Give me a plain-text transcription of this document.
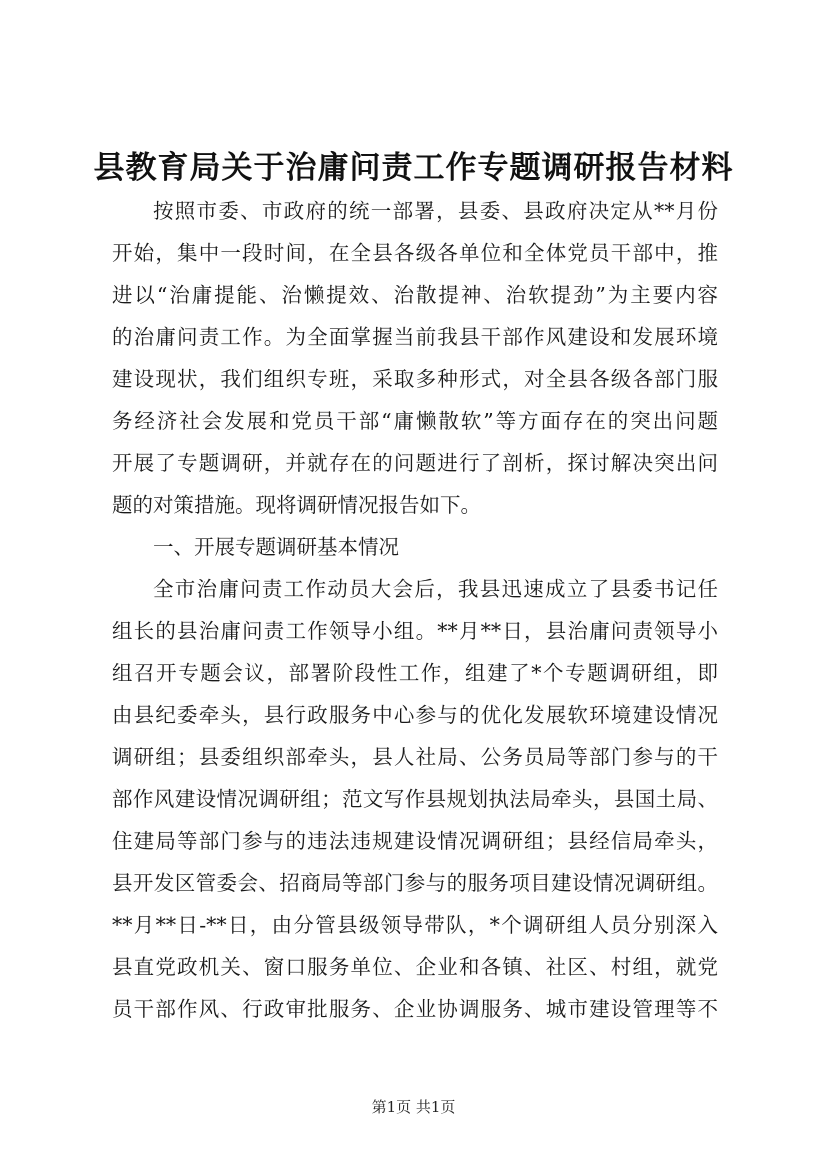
县教育局关于治庸问责工作专题调研报告材料
按照市委、市政府的统一部署，县委、县政府决定从**月份
开始，集中一段时间，在全县各级各单位和全体党员干部中，推
进以“治庸提能、治懒提效、治散提神、治软提劲”为主要内容
的治庸问责工作。为全面掌握当前我县干部作风建设和发展环境
建设现状，我们组织专班，采取多种形式，对全县各级各部门服
务经济社会发展和党员干部“庸懒散软”等方面存在的突出问题
开展了专题调研，并就存在的问题进行了剖析，探讨解决突出问
题的对策措施。现将调研情况报告如下。
一、开展专题调研基本情况
全市治庸问责工作动员大会后，我县迅速成立了县委书记任
组长的县治庸问责工作领导小组。**月**日，县治庸问责领导小
组召开专题会议，部署阶段性工作，组建了*个专题调研组，即
由县纪委牵头，县行政服务中心参与的优化发展软环境建设情况
调研组；县委组织部牵头，县人社局、公务员局等部门参与的干
部作风建设情况调研组；范文写作县规划执法局牵头，县国土局、
住建局等部门参与的违法违规建设情况调研组；县经信局牵头，
县开发区管委会、招商局等部门参与的服务项目建设情况调研组。
**月**日-**日，由分管县级领导带队，*个调研组人员分别深入
县直党政机关、窗口服务单位、企业和各镇、社区、村组，就党
员干部作风、行政审批服务、企业协调服务、城市建设管理等不
第1页 共1页
